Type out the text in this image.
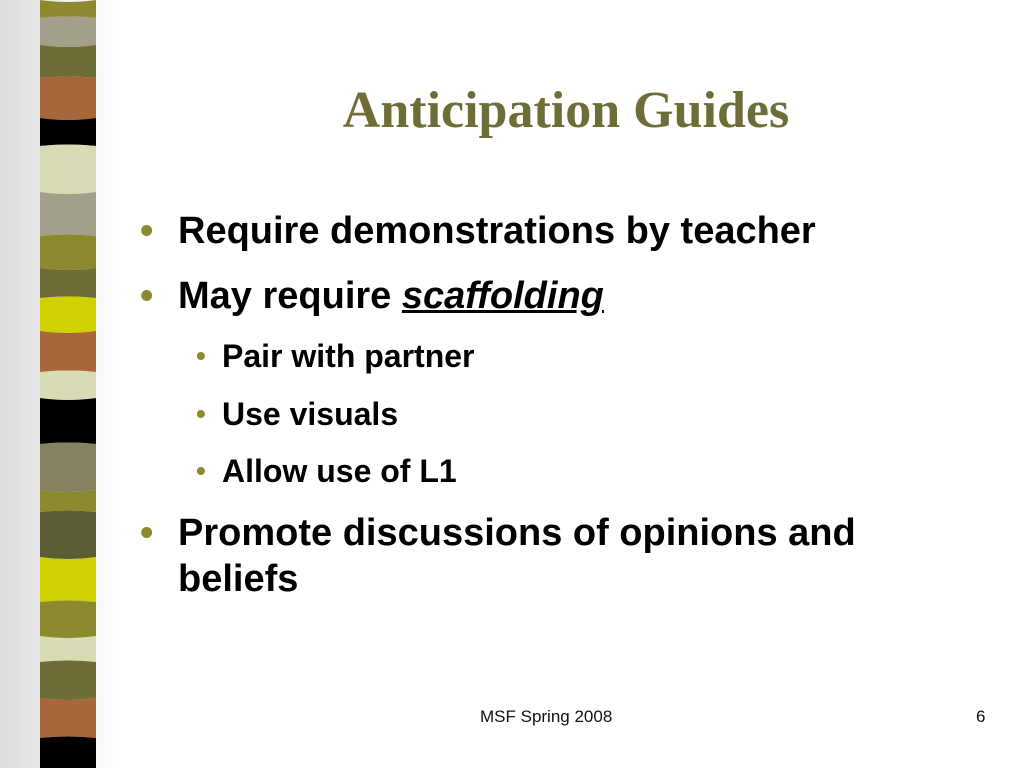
Anticipation Guides
• Require demonstrations by teacher
• May require scaffolding
• Pair with partner
• Use visuals
• Allow use of L1
• Promote discussions of opinions and beliefs
MSF Spring 2008	6
